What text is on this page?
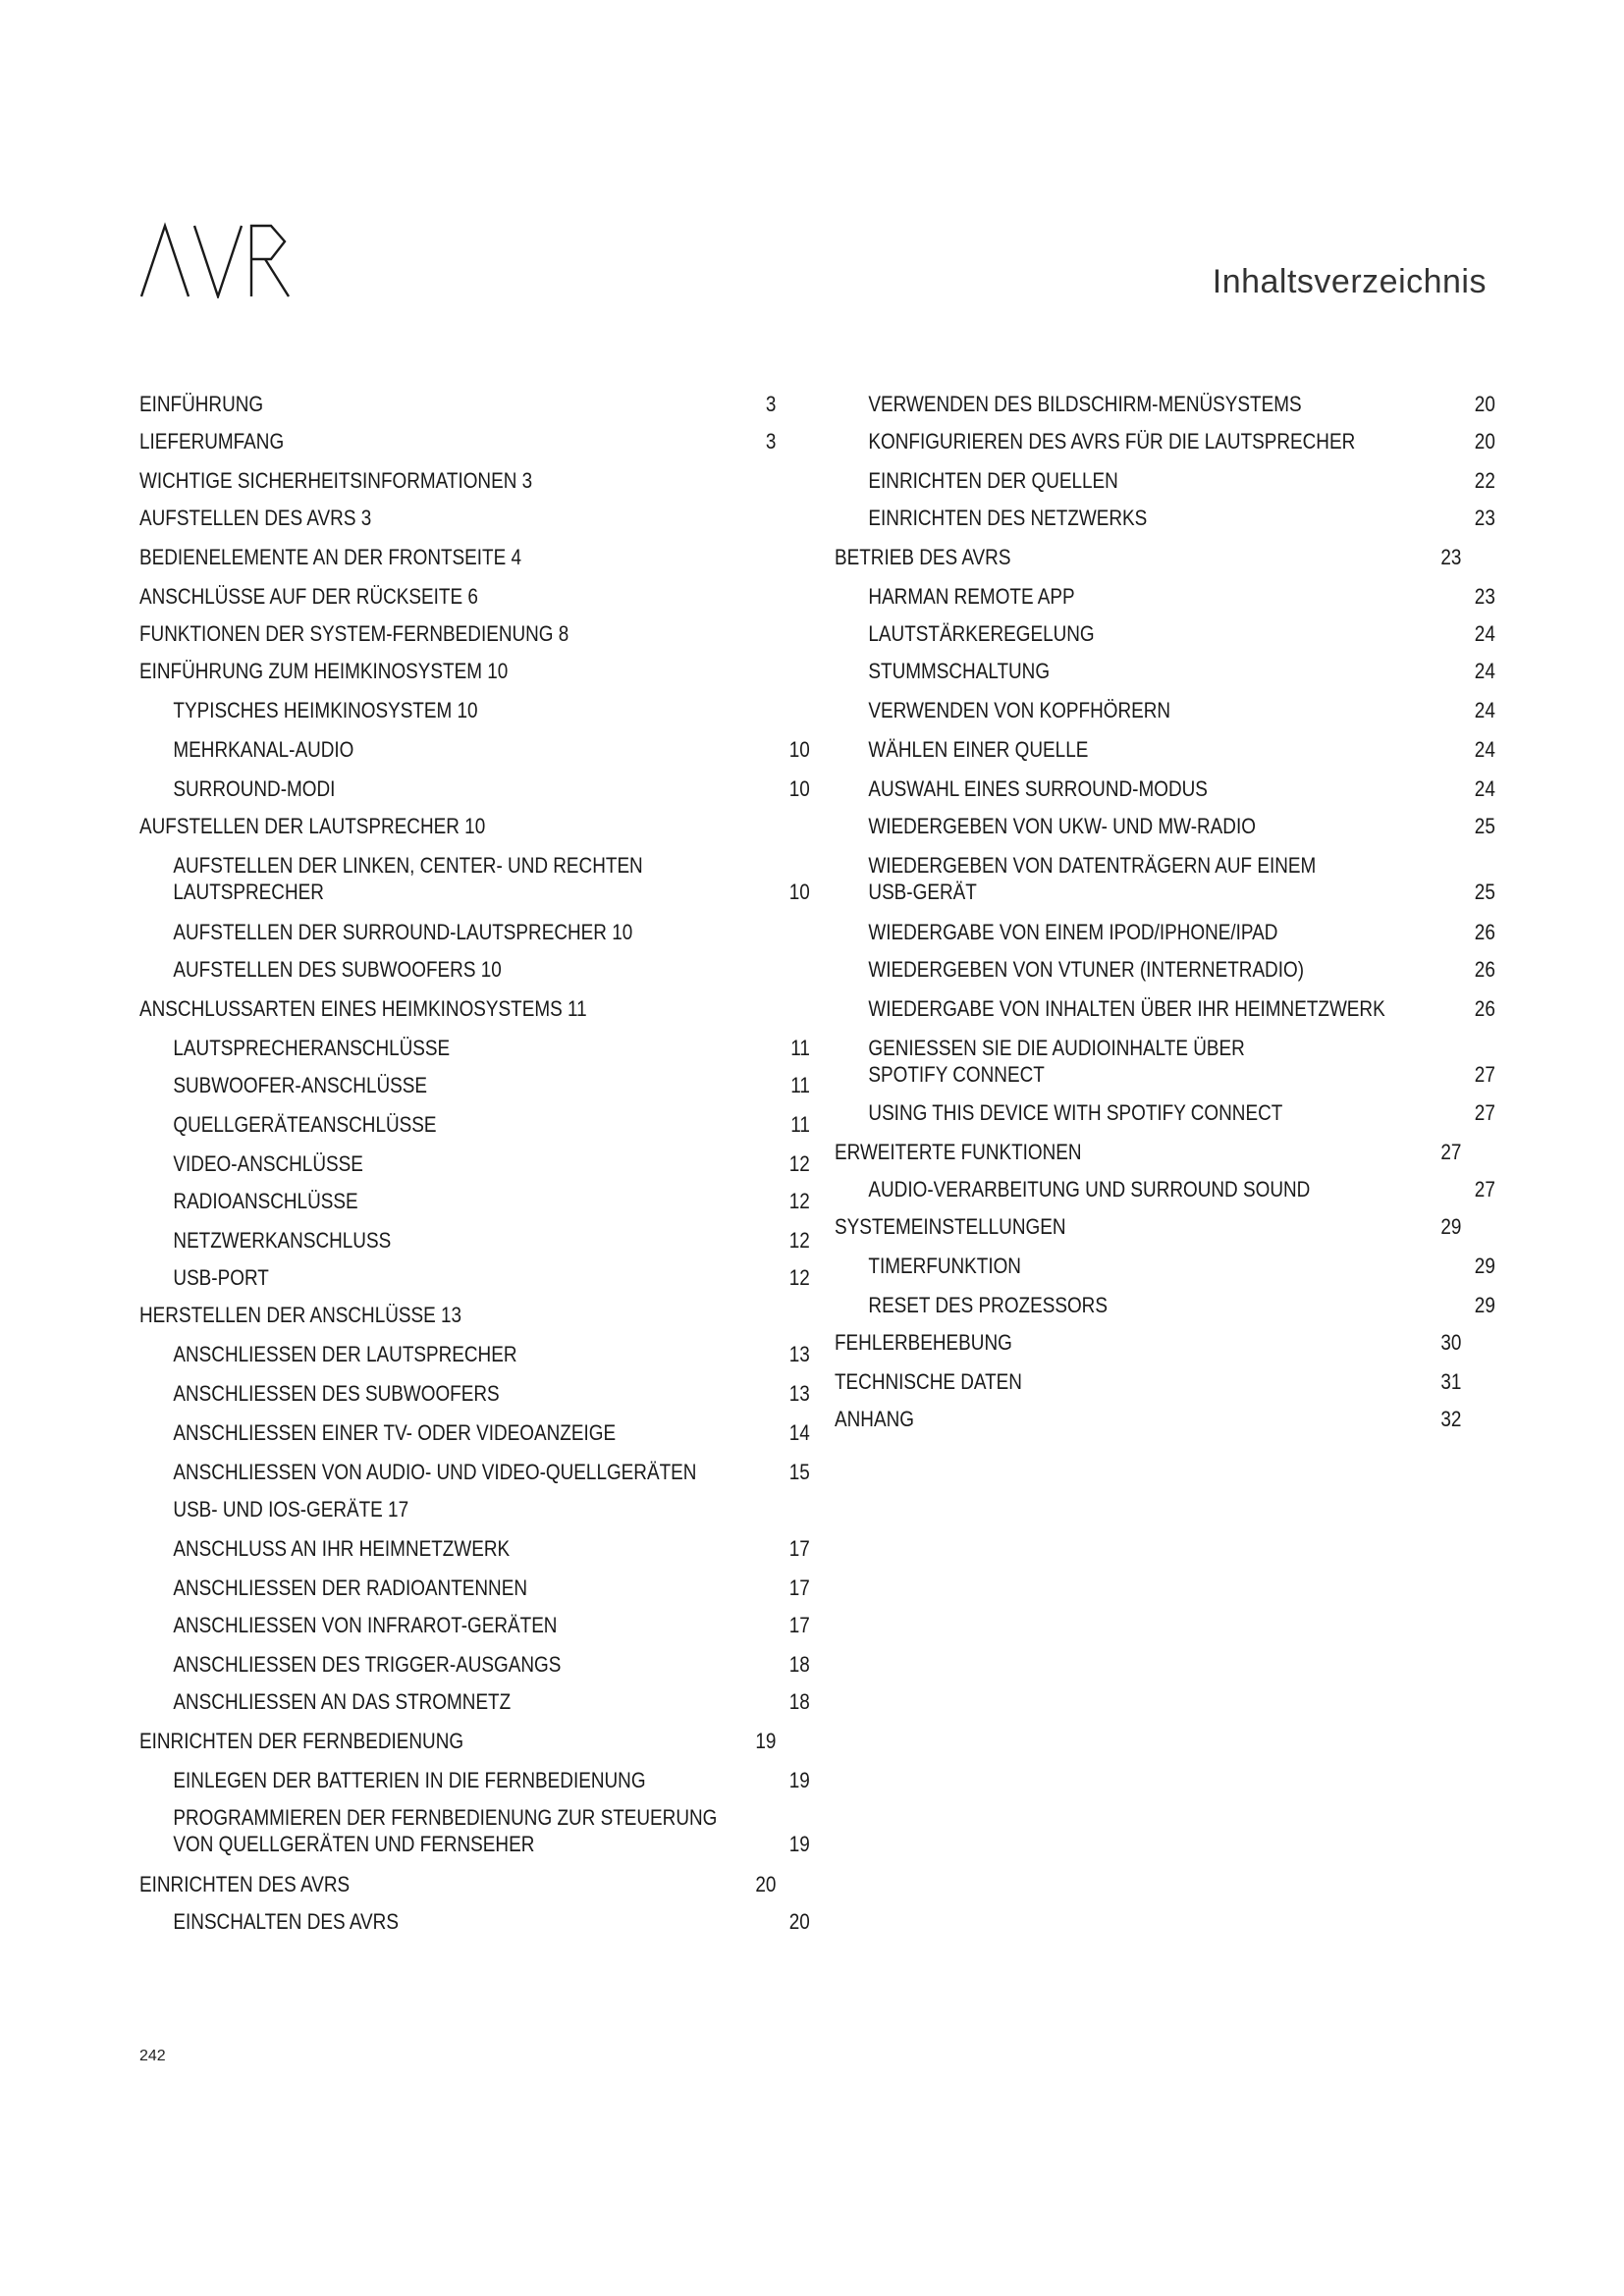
Inhaltsverzeichnis
EINFÜHRUNG	3
LIEFERUMFANG	3
WICHTIGE SICHERHEITSINFORMATIONEN 3
AUFSTELLEN DES AVRS 3
BEDIENELEMENTE AN DER FRONTSEITE 4
ANSCHLÜSSE AUF DER RÜCKSEITE 6
FUNKTIONEN DER SYSTEM-FERNBEDIENUNG 8
EINFÜHRUNG ZUM HEIMKINOSYSTEM 10
TYPISCHES HEIMKINOSYSTEM 10
MEHRKANAL-AUDIO	10
SURROUND-MODI	10
AUFSTELLEN DER LAUTSPRECHER 10
AUFSTELLEN DER LINKEN, CENTER- UND RECHTEN
LAUTSPRECHER	10
AUFSTELLEN DER SURROUND-LAUTSPRECHER 10
AUFSTELLEN DES SUBWOOFERS 10
ANSCHLUSSARTEN EINES HEIMKINOSYSTEMS 11
LAUTSPRECHERANSCHLÜSSE	11
SUBWOOFER-ANSCHLÜSSE	11
QUELLGERÄTEANSCHLÜSSE	11
VIDEO-ANSCHLÜSSE	12
RADIOANSCHLÜSSE	12
NETZWERKANSCHLUSS	12
USB-PORT	12
HERSTELLEN DER ANSCHLÜSSE 13
ANSCHLIESSEN DER LAUTSPRECHER	13
ANSCHLIESSEN DES SUBWOOFERS	13
ANSCHLIESSEN EINER TV- ODER VIDEOANZEIGE	14
ANSCHLIESSEN VON AUDIO- UND VIDEO-QUELLGERÄTEN	15
USB- UND IOS-GERÄTE 17
ANSCHLUSS AN IHR HEIMNETZWERK	17
ANSCHLIESSEN DER RADIOANTENNEN	17
ANSCHLIESSEN VON INFRAROT-GERÄTEN	17
ANSCHLIESSEN DES TRIGGER-AUSGANGS	18
ANSCHLIESSEN AN DAS STROMNETZ	18
EINRICHTEN DER FERNBEDIENUNG	19
EINLEGEN DER BATTERIEN IN DIE FERNBEDIENUNG	19
PROGRAMMIEREN DER FERNBEDIENUNG ZUR STEUERUNG
VON QUELLGERÄTEN UND FERNSEHER	19
EINRICHTEN DES AVRS	20
EINSCHALTEN DES AVRS	20
VERWENDEN DES BILDSCHIRM-MENÜSYSTEMS	20
KONFIGURIEREN DES AVRS FÜR DIE LAUTSPRECHER	20
EINRICHTEN DER QUELLEN	22
EINRICHTEN DES NETZWERKS	23
BETRIEB DES AVRS	23
HARMAN REMOTE APP	23
LAUTSTÄRKEREGELUNG	24
STUMMSCHALTUNG	24
VERWENDEN VON KOPFHÖRERN	24
WÄHLEN EINER QUELLE	24
AUSWAHL EINES SURROUND-MODUS	24
WIEDERGEBEN VON UKW- UND MW-RADIO	25
WIEDERGEBEN VON DATENTRÄGERN AUF EINEM
USB-GERÄT	25
WIEDERGABE VON EINEM IPOD/IPHONE/IPAD	26
WIEDERGEBEN VON VTUNER (INTERNETRADIO)	26
WIEDERGABE VON INHALTEN ÜBER IHR HEIMNETZWERK	26
GENIESSEN SIE DIE AUDIOINHALTE ÜBER
SPOTIFY CONNECT	27
USING THIS DEVICE WITH SPOTIFY CONNECT	27
ERWEITERTE FUNKTIONEN	27
AUDIO-VERARBEITUNG UND SURROUND SOUND	27
SYSTEMEINSTELLUNGEN	29
TIMERFUNKTION	29
RESET DES PROZESSORS	29
FEHLERBEHEBUNG	30
TECHNISCHE DATEN	31
ANHANG	32
242
